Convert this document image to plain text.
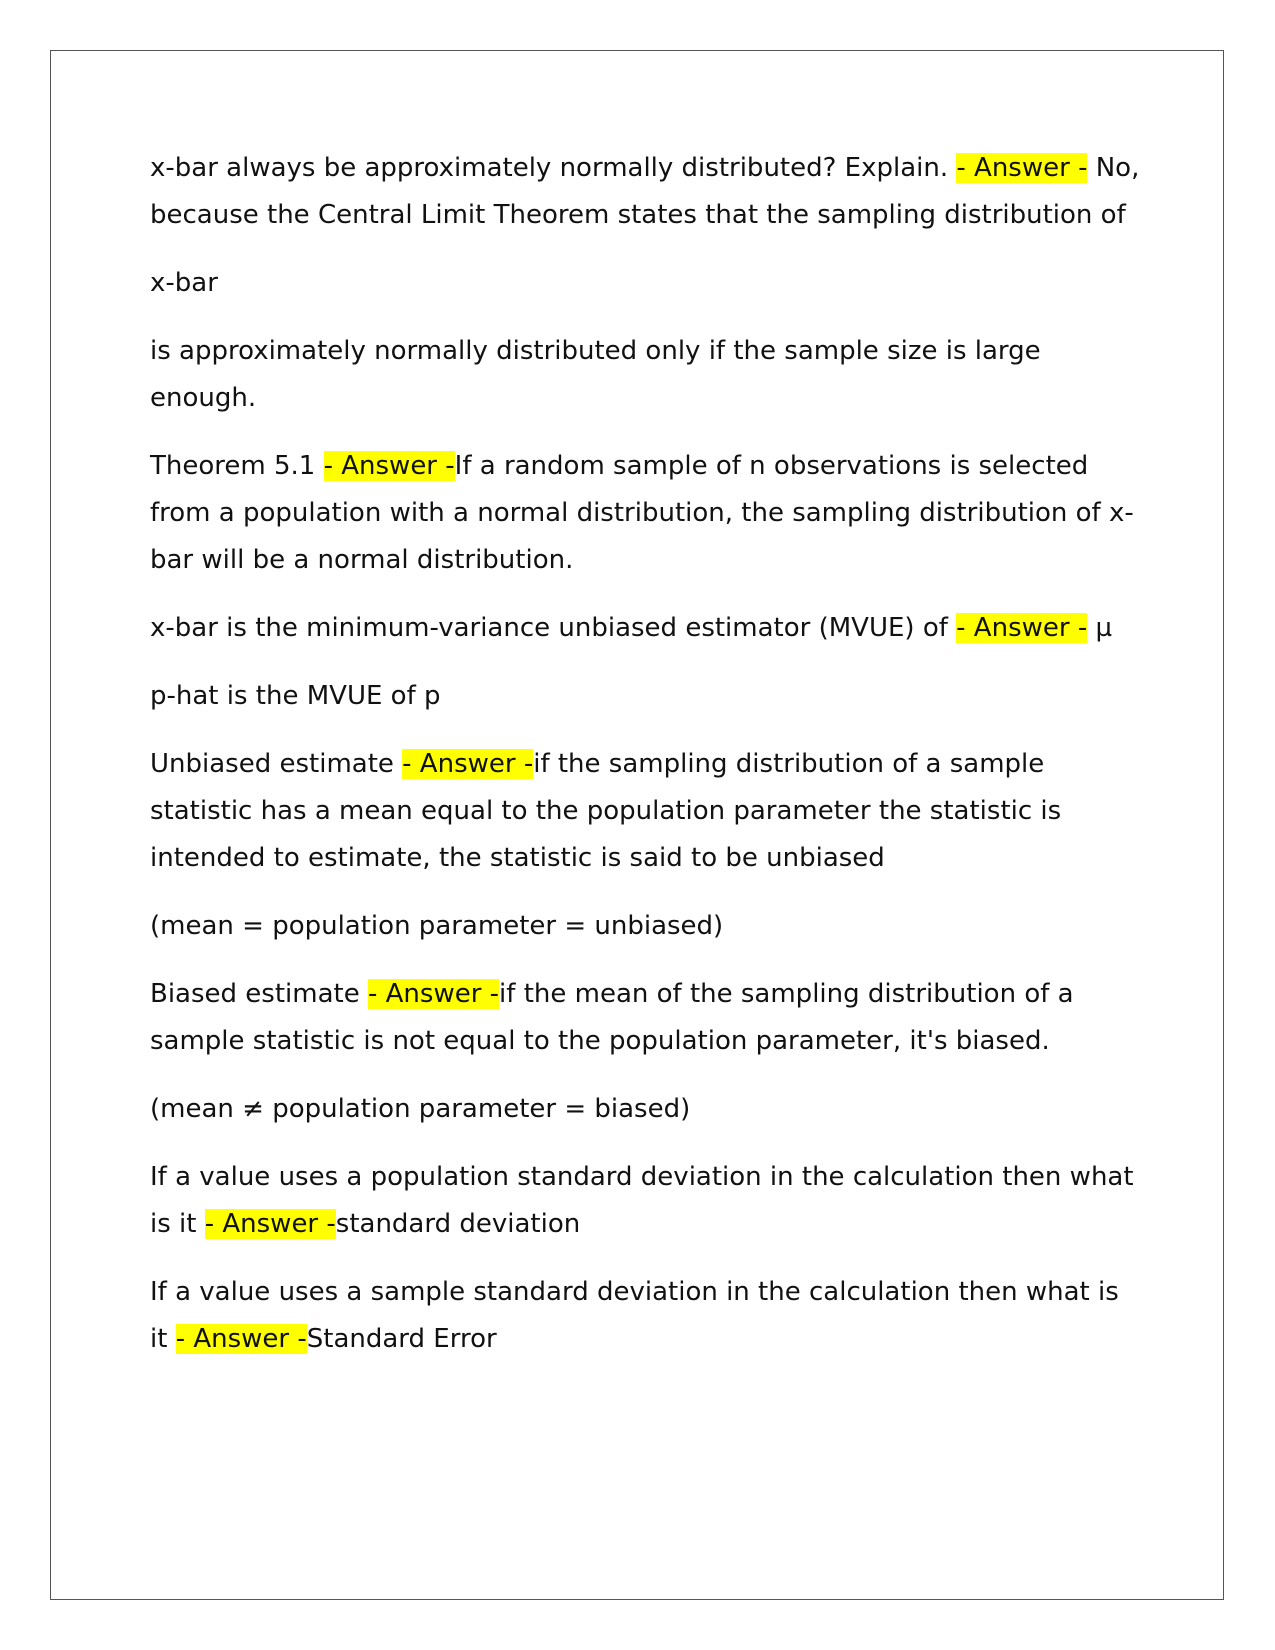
x-bar always be approximately normally distributed? Explain. - Answer - No, because the Central Limit Theorem states that the sampling distribution of

x-bar

is approximately normally distributed only if the sample size is large enough.

Theorem 5.1 - Answer -If a random sample of n observations is selected from a population with a normal distribution, the sampling distribution of x-bar will be a normal distribution.

x-bar is the minimum-variance unbiased estimator (MVUE) of - Answer - µ

p-hat is the MVUE of p

Unbiased estimate - Answer -if the sampling distribution of a sample statistic has a mean equal to the population parameter the statistic is intended to estimate, the statistic is said to be unbiased

(mean = population parameter = unbiased)

Biased estimate - Answer -if the mean of the sampling distribution of a sample statistic is not equal to the population parameter, it's biased.

(mean ≠ population parameter = biased)

If a value uses a population standard deviation in the calculation then what is it - Answer -standard deviation

If a value uses a sample standard deviation in the calculation then what is it - Answer -Standard Error
